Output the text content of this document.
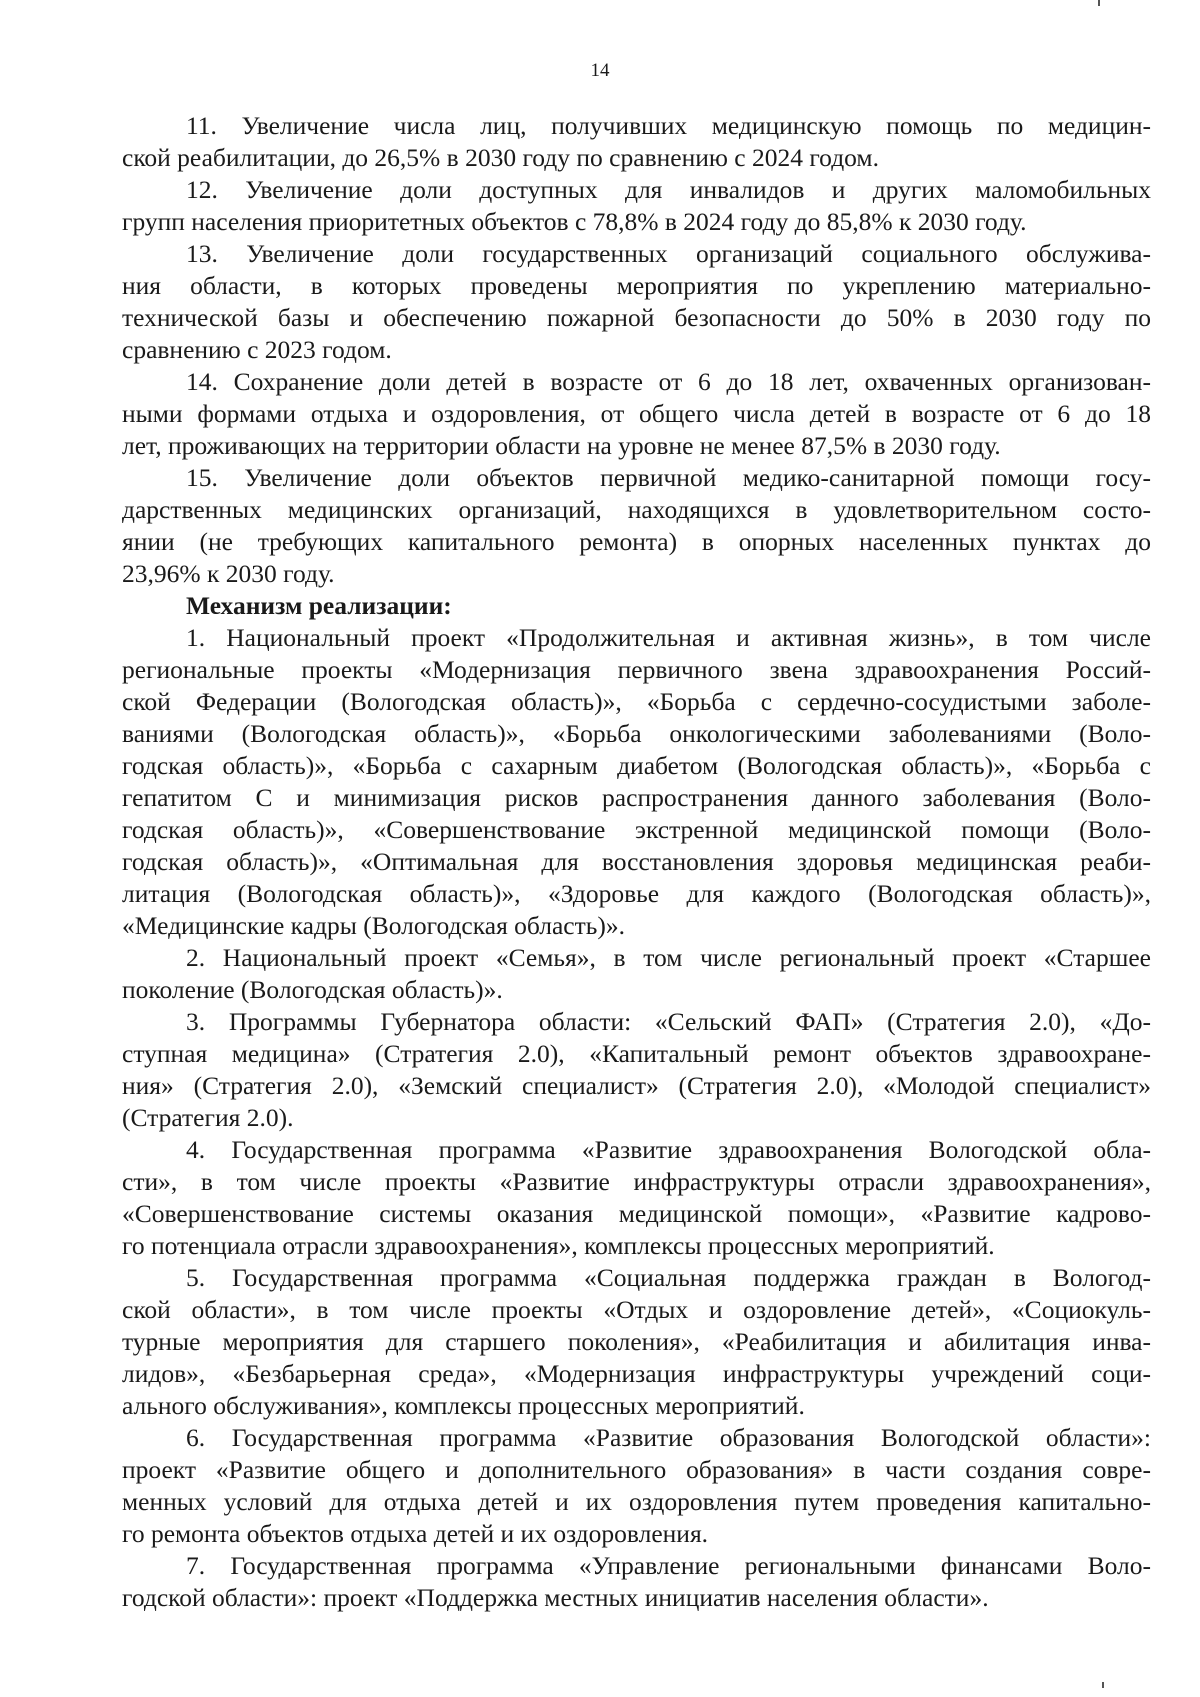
14
11. Увеличение числа лиц, получивших медицинскую помощь по медицин-
ской реабилитации, до 26,5% в 2030 году по сравнению с 2024 годом.
12. Увеличение доли доступных для инвалидов и других маломобильных
групп населения приоритетных объектов с 78,8% в 2024 году до 85,8% к 2030 году.
13. Увеличение доли государственных организаций социального обслужива-
ния области, в которых проведены мероприятия по укреплению материально-
технической базы и обеспечению пожарной безопасности до 50% в 2030 году по
сравнению с 2023 годом.
14. Сохранение доли детей в возрасте от 6 до 18 лет, охваченных организован-
ными формами отдыха и оздоровления, от общего числа детей в возрасте от 6 до 18
лет, проживающих на территории области на уровне не менее 87,5% в 2030 году.
15. Увеличение доли объектов первичной медико-санитарной помощи госу-
дарственных медицинских организаций, находящихся в удовлетворительном состо-
янии (не требующих капитального ремонта) в опорных населенных пунктах до
23,96% к 2030 году.
Механизм реализации:
1. Национальный проект «Продолжительная и активная жизнь», в том числе
региональные проекты «Модернизация первичного звена здравоохранения Россий-
ской Федерации (Вологодская область)», «Борьба с сердечно-сосудистыми заболе-
ваниями (Вологодская область)», «Борьба онкологическими заболеваниями (Воло-
годская область)», «Борьба с сахарным диабетом (Вологодская область)», «Борьба с
гепатитом С и минимизация рисков распространения данного заболевания (Воло-
годская область)», «Совершенствование экстренной медицинской помощи (Воло-
годская область)», «Оптимальная для восстановления здоровья медицинская реаби-
литация (Вологодская область)», «Здоровье для каждого (Вологодская область)»,
«Медицинские кадры (Вологодская область)».
2. Национальный проект «Семья», в том числе региональный проект «Старшее
поколение (Вологодская область)».
3. Программы Губернатора области: «Сельский ФАП» (Стратегия 2.0), «До-
ступная медицина» (Стратегия 2.0), «Капитальный ремонт объектов здравоохране-
ния» (Стратегия 2.0), «Земский специалист» (Стратегия 2.0), «Молодой специалист»
(Стратегия 2.0).
4. Государственная программа «Развитие здравоохранения Вологодской обла-
сти», в том числе проекты «Развитие инфраструктуры отрасли здравоохранения»,
«Совершенствование системы оказания медицинской помощи», «Развитие кадрово-
го потенциала отрасли здравоохранения», комплексы процессных мероприятий.
5. Государственная программа «Социальная поддержка граждан в Вологод-
ской области», в том числе проекты «Отдых и оздоровление детей», «Социокуль-
турные мероприятия для старшего поколения», «Реабилитация и абилитация инва-
лидов», «Безбарьерная среда», «Модернизация инфраструктуры учреждений соци-
ального обслуживания», комплексы процессных мероприятий.
6. Государственная программа «Развитие образования Вологодской области»:
проект «Развитие общего и дополнительного образования» в части создания совре-
менных условий для отдыха детей и их оздоровления путем проведения капитально-
го ремонта объектов отдыха детей и их оздоровления.
7. Государственная программа «Управление региональными финансами Воло-
годской области»: проект «Поддержка местных инициатив населения области».
